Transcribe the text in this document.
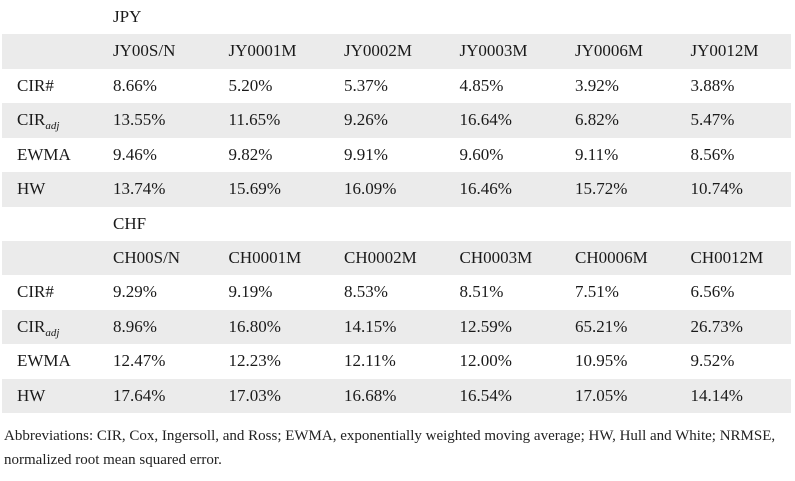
	JPY					
	JY00S/N	JY0001M	JY0002M	JY0003M	JY0006M	JY0012M
CIR#	8.66%	5.20%	5.37%	4.85%	3.92%	3.88%
$CIR_{adj}$	13.55%	11.65%	9.26%	16.64%	6.82%	5.47%
EWMA	9.46%	9.82%	9.91%	9.60%	9.11%	8.56%
HW	13.74%	15.69%	16.09%	16.46%	15.72%	10.74%
	CHF					
	CH00S/N	CH0001M	CH0002M	CH0003M	CH0006M	CH0012M
CIR#	9.29%	9.19%	8.53%	8.51%	7.51%	6.56%
$CIR_{adj}$	8.96%	16.80%	14.15%	12.59%	65.21%	26.73%
EWMA	12.47%	12.23%	12.11%	12.00%	10.95%	9.52%
HW	17.64%	17.03%	16.68%	16.54%	17.05%	14.14%
Abbreviations: CIR, Cox, Ingersoll, and Ross; EWMA, exponentially weighted moving average; HW, Hull and White; NRMSE, normalized root mean squared error.
